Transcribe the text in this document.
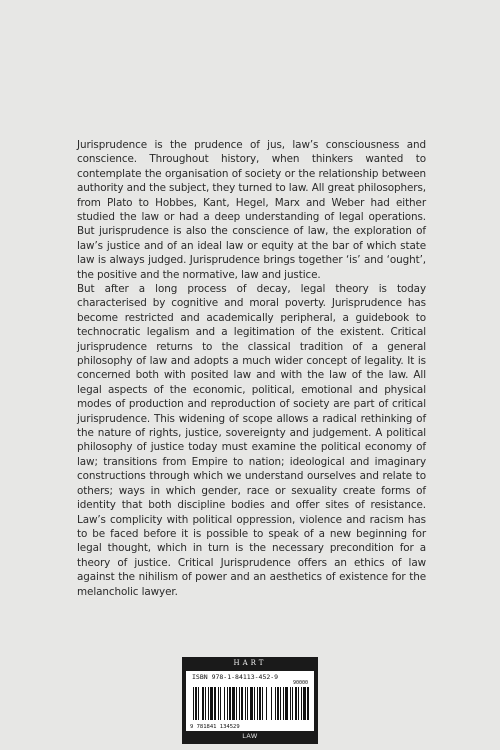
Jurisprudence is the prudence of jus, law’s consciousness and conscience. Throughout history, when thinkers wanted to contemplate the organisation of society or the relationship between authority and the subject, they turned to law. All great philosophers, from Plato to Hobbes, Kant, Hegel, Marx and Weber had either studied the law or had a deep understanding of legal operations. But jurisprudence is also the conscience of law, the exploration of law’s justice and of an ideal law or equity at the bar of which state law is always judged. Jurisprudence brings together ‘is’ and ‘ought’, the positive and the normative, law and justice.
But after a long process of decay, legal theory is today characterised by cognitive and moral poverty. Jurisprudence has become restricted and academically peripheral, a guidebook to technocratic legalism and a legitimation of the existent. Critical jurisprudence returns to the classical tradition of a general philosophy of law and adopts a much wider concept of legality. It is concerned both with posited law and with the law of the law. All legal aspects of the economic, political, emotional and physical modes of production and reproduction of society are part of critical jurisprudence. This widening of scope allows a radical rethinking of the nature of rights, justice, sovereignty and judgement. A political philosophy of justice today must examine the political economy of law; transitions from Empire to nation; ideological and imaginary constructions through which we understand ourselves and relate to others; ways in which gender, race or sexuality create forms of identity that both discipline bodies and offer sites of resistance. Law’s complicity with political oppression, violence and racism has to be faced before it is possible to speak of a new beginning for legal thought, which in turn is the necessary precondition for a theory of justice. Critical Jurisprudence offers an ethics of law against the nihilism of power and an aesthetics of existence for the melancholic lawyer.
HART
ISBN 978-1-84113-452-9
90000
9 781841 134529
LAW
